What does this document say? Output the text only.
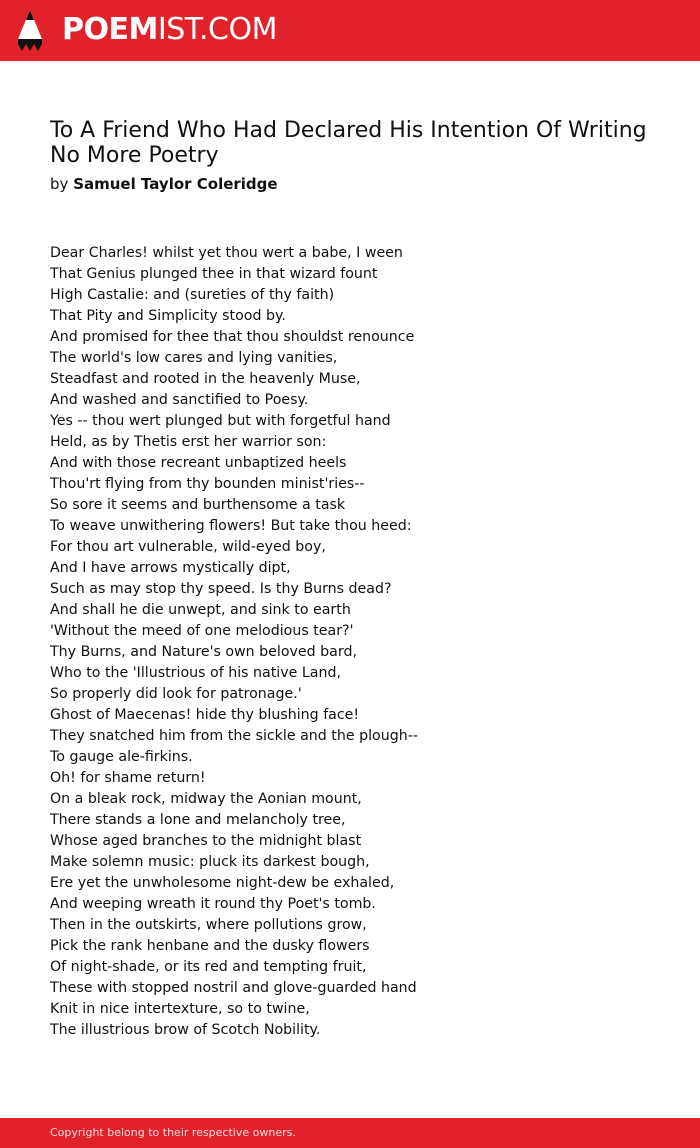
POEMIST.COM
To A Friend Who Had Declared His Intention Of Writing No More Poetry
by Samuel Taylor Coleridge
Dear Charles! whilst yet thou wert a babe, I ween
That Genius plunged thee in that wizard fount
High Castalie: and (sureties of thy faith)
That Pity and Simplicity stood by.
And promised for thee that thou shouldst renounce
The world's low cares and lying vanities,
Steadfast and rooted in the heavenly Muse,
And washed and sanctified to Poesy.
Yes -- thou wert plunged but with forgetful hand
Held, as by Thetis erst her warrior son:
And with those recreant unbaptized heels
Thou'rt flying from thy bounden minist'ries--
So sore it seems and burthensome a task
To weave unwithering flowers! But take thou heed:
For thou art vulnerable, wild-eyed boy,
And I have arrows mystically dipt,
Such as may stop thy speed. Is thy Burns dead?
And shall he die unwept, and sink to earth
'Without the meed of one melodious tear?'
Thy Burns, and Nature's own beloved bard,
Who to the 'Illustrious of his native Land,
So properly did look for patronage.'
Ghost of Maecenas! hide thy blushing face!
They snatched him from the sickle and the plough--
To gauge ale-firkins.
Oh! for shame return!
On a bleak rock, midway the Aonian mount,
There stands a lone and melancholy tree,
Whose aged branches to the midnight blast
Make solemn music: pluck its darkest bough,
Ere yet the unwholesome night-dew be exhaled,
And weeping wreath it round thy Poet's tomb.
Then in the outskirts, where pollutions grow,
Pick the rank henbane and the dusky flowers
Of night-shade, or its red and tempting fruit,
These with stopped nostril and glove-guarded hand
Knit in nice intertexture, so to twine,
The illustrious brow of Scotch Nobility.
Copyright belong to their respective owners.
